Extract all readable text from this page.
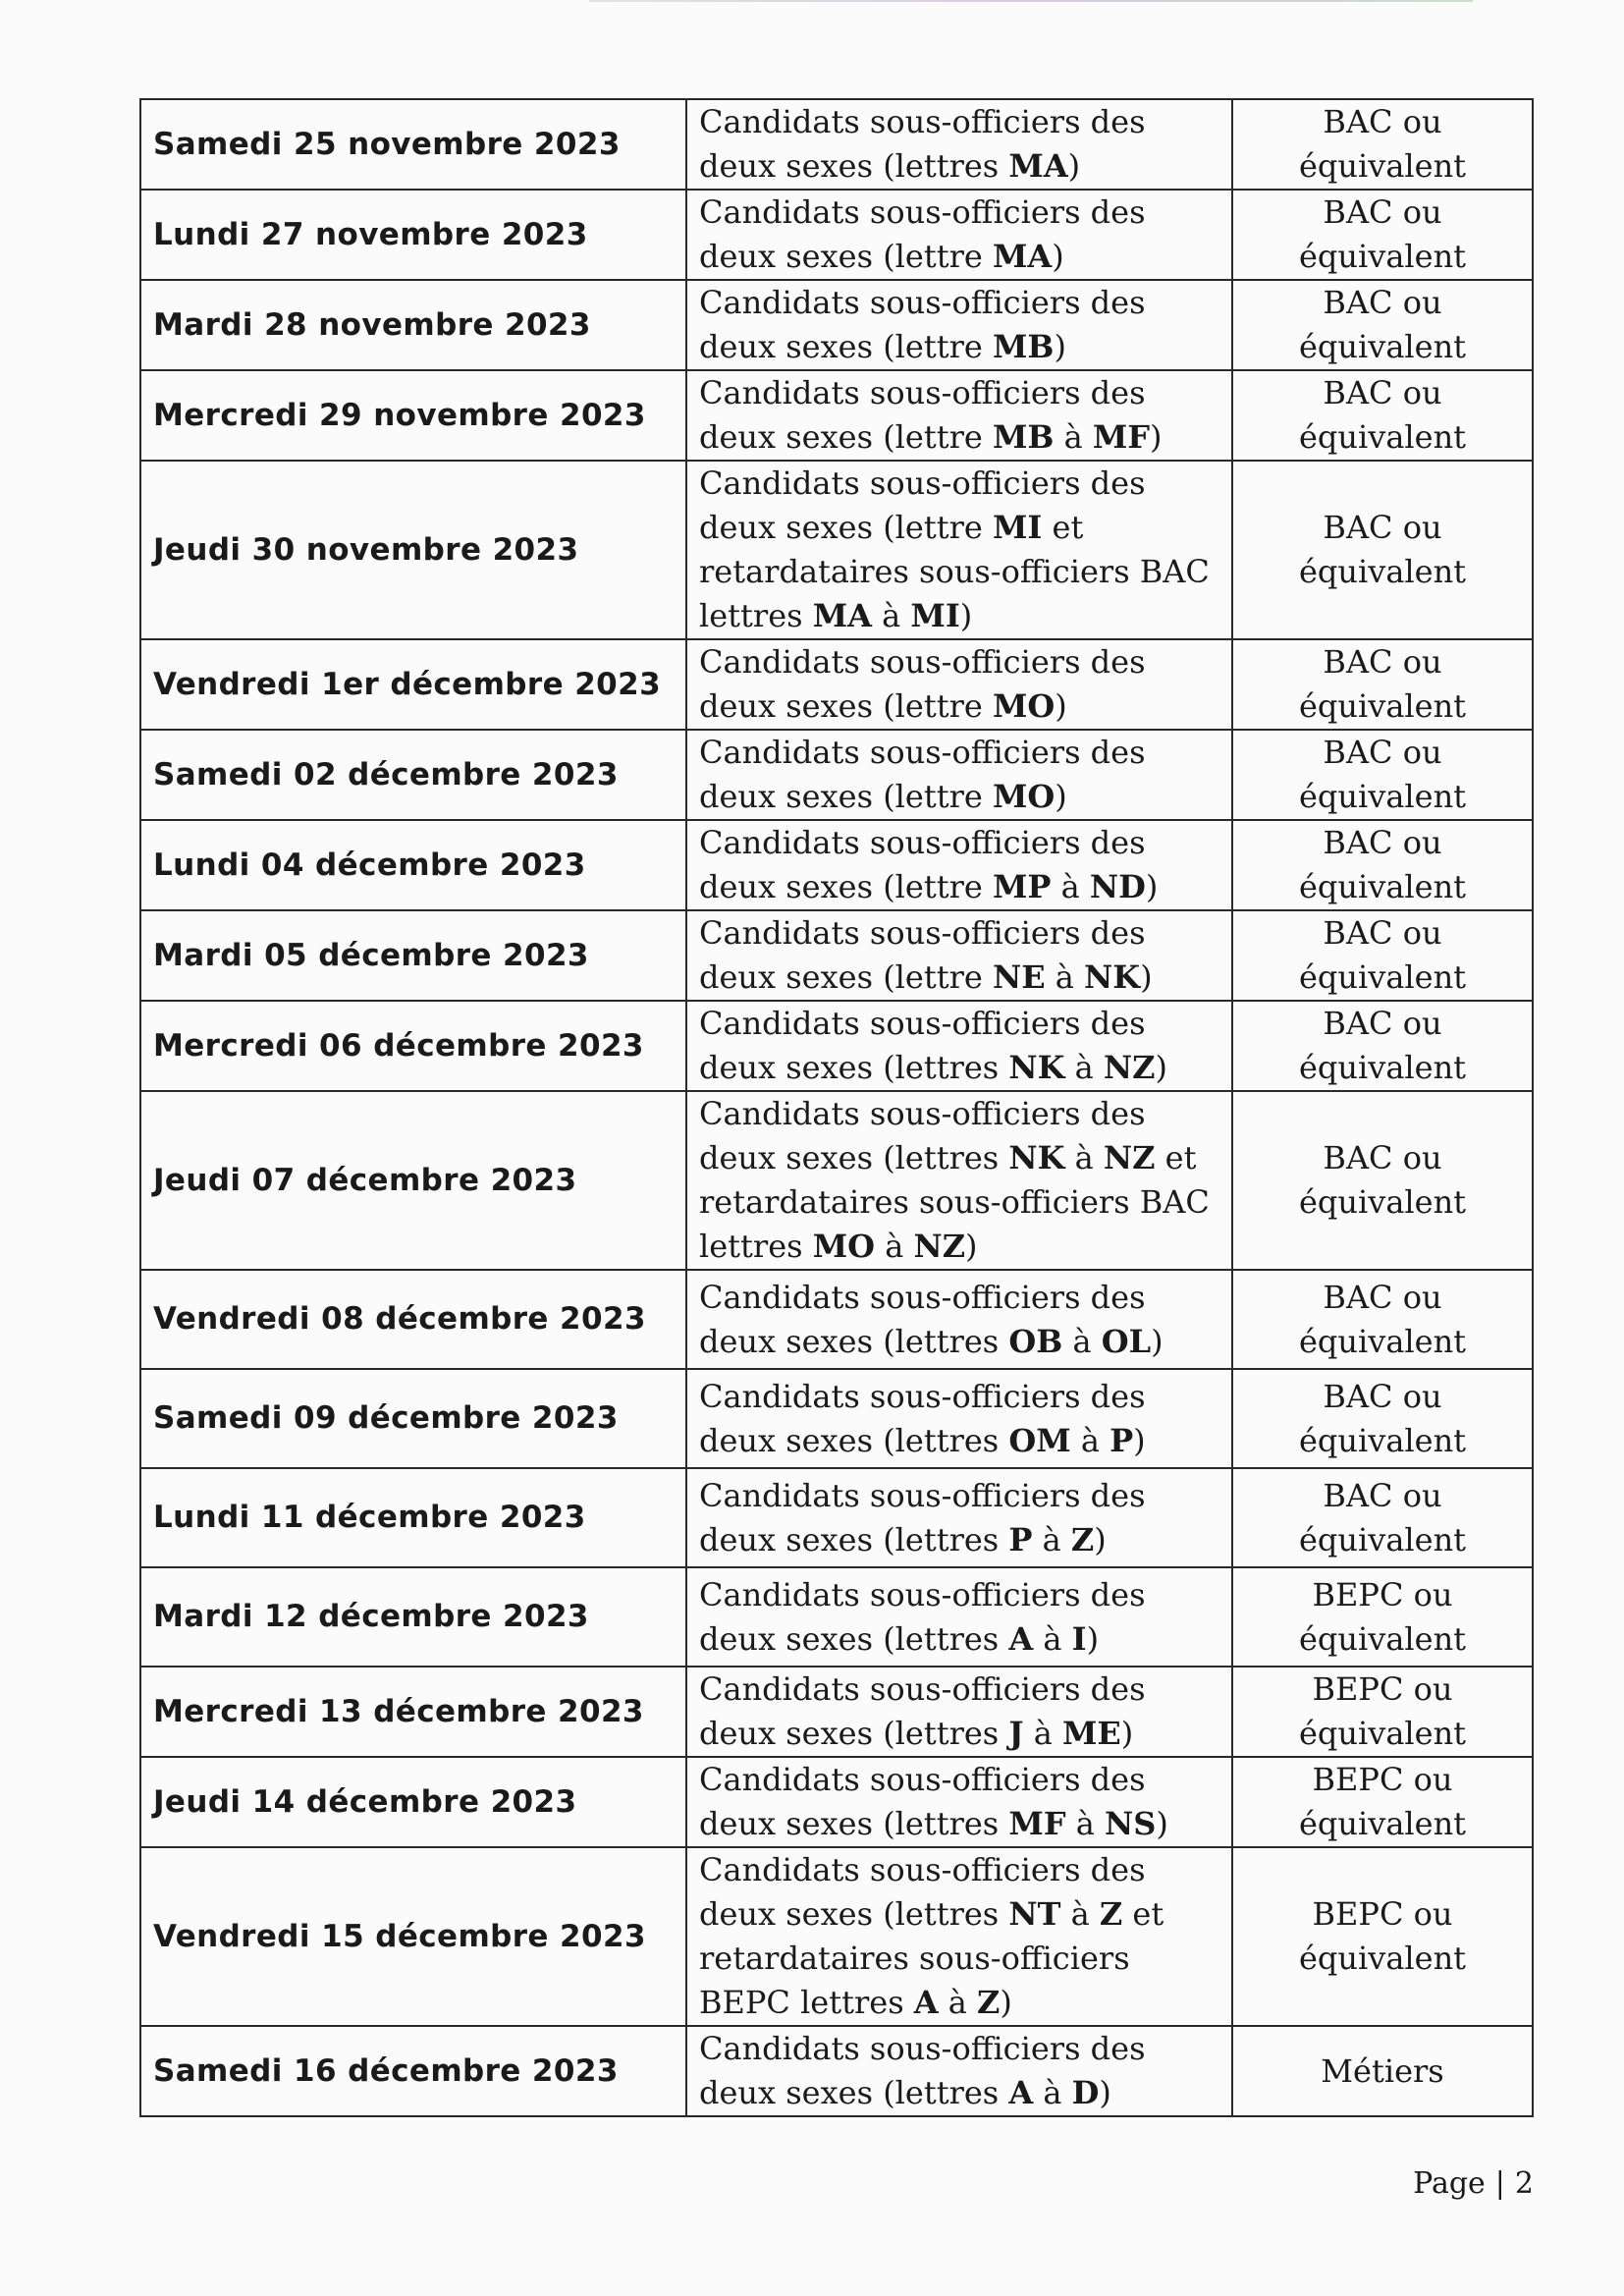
Samedi 25 novembre 2023	Candidats sous-officiers des deux sexes (lettres MA)	BAC ou équivalent
Lundi 27 novembre 2023	Candidats sous-officiers des deux sexes (lettre MA)	BAC ou équivalent
Mardi 28 novembre 2023	Candidats sous-officiers des deux sexes (lettre MB)	BAC ou équivalent
Mercredi 29 novembre 2023	Candidats sous-officiers des deux sexes (lettre MB à MF)	BAC ou équivalent
Jeudi 30 novembre 2023	Candidats sous-officiers des deux sexes (lettre MI et retardataires sous-officiers BAC lettres MA à MI)	BAC ou équivalent
Vendredi 1er décembre 2023	Candidats sous-officiers des deux sexes (lettre MO)	BAC ou équivalent
Samedi 02 décembre 2023	Candidats sous-officiers des deux sexes (lettre MO)	BAC ou équivalent
Lundi 04 décembre 2023	Candidats sous-officiers des deux sexes (lettre MP à ND)	BAC ou équivalent
Mardi 05 décembre 2023	Candidats sous-officiers des deux sexes (lettre NE à NK)	BAC ou équivalent
Mercredi 06 décembre 2023	Candidats sous-officiers des deux sexes (lettres NK à NZ)	BAC ou équivalent
Jeudi 07 décembre 2023	Candidats sous-officiers des deux sexes (lettres NK à NZ et retardataires sous-officiers BAC lettres MO à NZ)	BAC ou équivalent
Vendredi 08 décembre 2023	Candidats sous-officiers des deux sexes (lettres OB à OL)	BAC ou équivalent
Samedi 09 décembre 2023	Candidats sous-officiers des deux sexes (lettres OM à P)	BAC ou équivalent
Lundi 11 décembre 2023	Candidats sous-officiers des deux sexes (lettres P à Z)	BAC ou équivalent
Mardi 12 décembre 2023	Candidats sous-officiers des deux sexes (lettres A à I)	BEPC ou équivalent
Mercredi 13 décembre 2023	Candidats sous-officiers des deux sexes (lettres J à ME)	BEPC ou équivalent
Jeudi 14 décembre 2023	Candidats sous-officiers des deux sexes (lettres MF à NS)	BEPC ou équivalent
Vendredi 15 décembre 2023	Candidats sous-officiers des deux sexes (lettres NT à Z et retardataires sous-officiers BEPC lettres A à Z)	BEPC ou équivalent
Samedi 16 décembre 2023	Candidats sous-officiers des deux sexes (lettres A à D)	Métiers
Page | 2
